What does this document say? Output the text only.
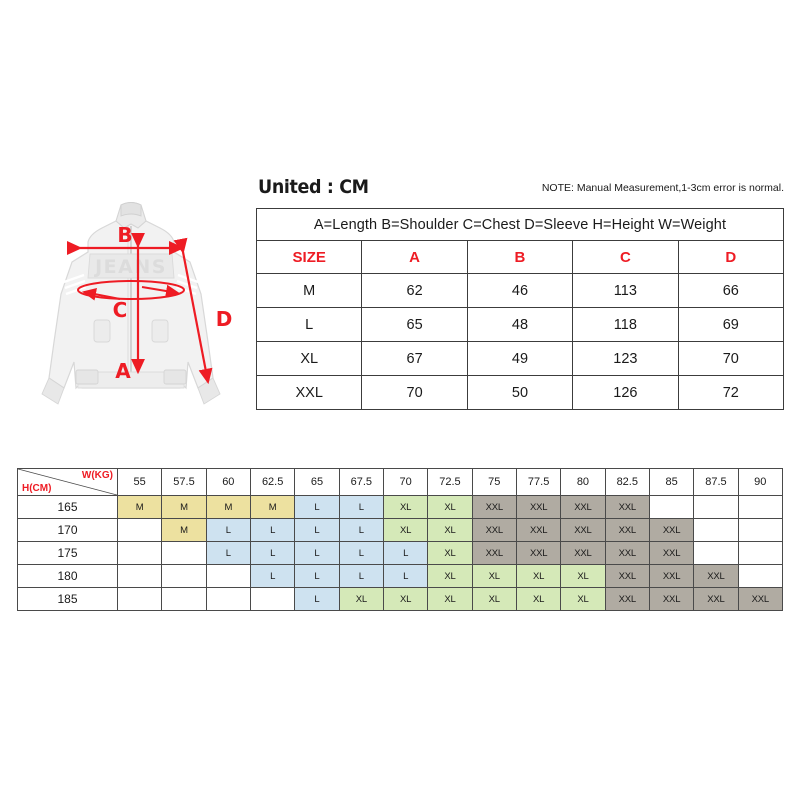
JEANS
B
A
C	D
United : CM	NOTE: Manual Measurement,1-3cm error is normal.
A=Length B=Shoulder C=Chest D=Sleeve H=Height W=Weight				
SIZE	A	B	C	D
M	62	46	113	66
L	65	48	118	69
XL	67	49	123	70
XXL	70	50	126	72
W(KG)
H(CM)	55	57.5	60	62.5	65	67.5	70	72.5	75	77.5	80	82.5	85	87.5	90
165	M	M	M	M	L	L	XL	XL	XXL	XXL	XXL	XXL			
170		M	L	L	L	L	XL	XL	XXL	XXL	XXL	XXL	XXL		
175			L	L	L	L	L	XL	XXL	XXL	XXL	XXL	XXL		
180				L	L	L	L	XL	XL	XL	XL	XXL	XXL	XXL	
185					L	XL	XL	XL	XL	XL	XL	XXL	XXL	XXL	XXL
